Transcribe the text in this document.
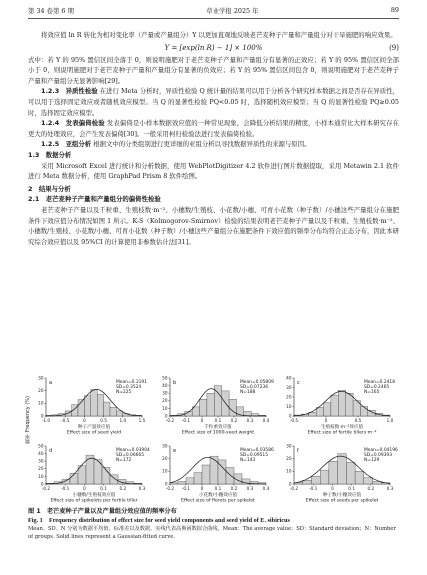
第 34 卷第 6 期	草业学报 2025 年	89

将效应值 ln R 转化为相对变化率（产量或产量组分）Y 以更加直观地反映老芒麦种子产量和产量组分对干旱施肥的响应效果。

Y = [exp(ln R) − 1] × 100%	(9)

式中：若 Y 的 95% 置信区间全落于 0，则说明施肥对于老芒麦种子产量和产量组分有显著的正效应；若 Y 的 95% 置信区间全部小于 0，则说明施肥对于老芒麦种子产量和产量组分有显著的负效应；若 Y 的 95% 置信区间包含 0，则说明施肥对于老芒麦种子产量和产量组分无显著影响[29]。

1.2.3　异质性检验 在进行 Meta 分析时，异质性检验 Q 统计量的结果可以用于分析各个研究样本数据之间是否存在异质性，可以用于选择固定效应或者随机效应模型。当 Q 的显著性检验 PQ<0.05 时，选择随机效应模型；当 Q 的显著性检验 PQ≥0.05 时，选择固定效应模型。

1.2.4　发表偏倚检验 发表偏倚是小样本数据效应值的一种常见现象，会降低分析结果的精度，小样本通常比大样本研究存在更大的处理效应，会产生发表偏倚[30]。一般采用柯归检验法进行发表偏倚检验。

1.2.5　亚组分析 根据文中的分类组别进行更详细的亚组分析以寻找数据异质性的来源与原因。

1.3　数据分析

采用 Microsoft Excel 进行统计和分析数据，使用 WebPlotDigitizer 4.2 软件进行图片数据提取，采用 Metawin 2.1 软件进行 Meta 数据分析，使用 GraphPad Prism 8 软件绘图。

2　结果与分析

2.1　老芒麦种子产量和产量组分的偏倚性检验

老芒麦种子产量以及千粒重、生殖枝数·m⁻²、小穗数/生殖枝、小花数/小穗、可育小花数（种子数）/小穗这些产量组分在施肥条件下效应值分布情况如图 1 所示。K-S（Kolmogorov-Smirnov）检验的结果表明老芒麦种子产量以及千粒重、生殖枝数·m⁻²、小穗数/生殖枝、小花数/小穗、可育小花数（种子数）/小穗这些产量组分在施肥条件下效应值的频率分布均符合正态分布，因此本研究综合效应值以及 95%CI 的计算使用非参数估计法[31]。

频率 Frequency (%) 0
10
20
30
-1.0	-0.5	0	0.5	1.0	1.5
a	Mean=0.3191
SD=0.3524
N=225
种子产量效应值
Effect size of seed yield
0
10
20
30
40
50
-0.2 -0.1	0	0.1 0.2 0.3 0.4
b	Mean=0.05809
SD=0.07236
N=188
千粒重效应值
Effect size of 1000-seed weight
0
10
20
30
40
-0.5	0	0.5	1.0
c	Mean=0.2418
SD=0.2465
N=165
生殖枝数·m⁻²效应值
Effect size of fertile tillers·m⁻²
0
10
20
30
40
50
-0.2	-0.1	0	0.1	0.2	0.3
d	Mean=0.03904
SD=0.06665
N=172
小穗数/生殖枝效应值
Effect size of spikelets per fertile tiller
0
10
20
30
-0.2 -0.1	0	0.1 0.2 0.3 0.4
e	Mean=0.03586
SD=0.09515
N=143
小花数/小穗效应值
Effect size of florets per spikelet
0
10
20
30
-0.2	-0.1	0	0.1	0.2	0.3
f	Mean=0.04196
SD=0.09393
N=129
种子数/小穗效应值
Effect size of seeds per spikelet
图 1　老芒麦种子产量以及产量组分效应值的频率分布
Fig. 1　Frequency distribution of effect size for seed yield components and seed yield of E. sibiricus
Mean、SD、N 分别为数据平均值、标准差以及数据。实线代表高斯函数拟合曲线。Mean：The average value；SD：Standard deviation；N：Number of groups. Solid lines represent a Gaussian-fitted curve.
